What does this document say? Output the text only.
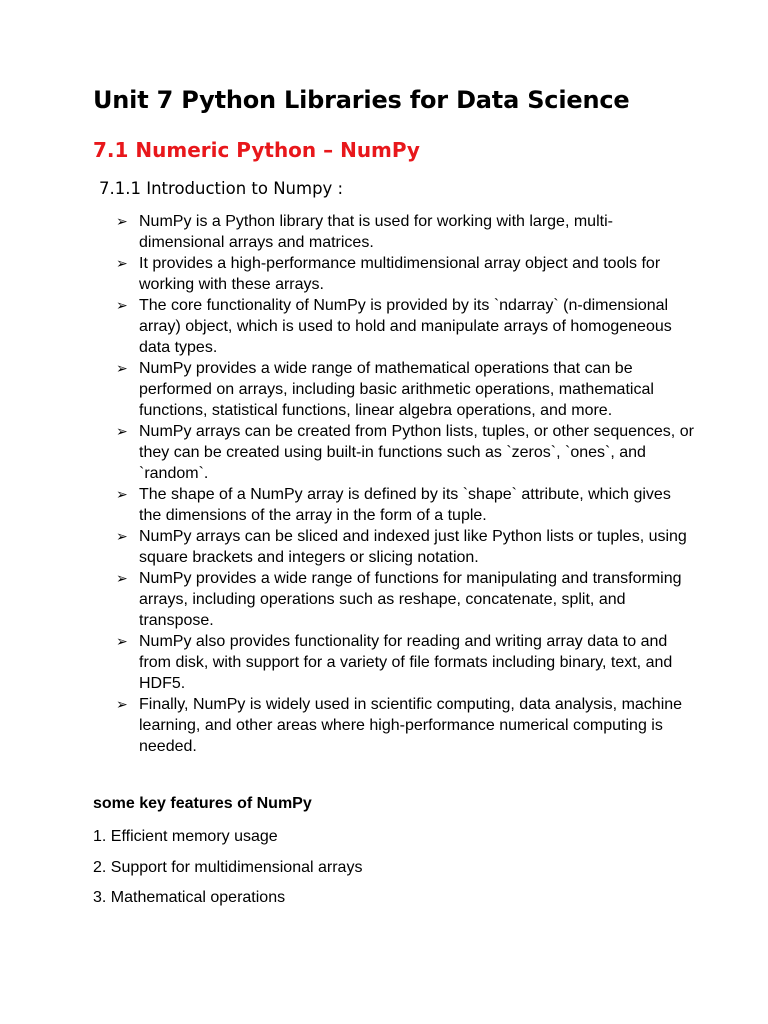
Unit 7 Python Libraries for Data Science
7.1 Numeric Python – NumPy
7.1.1 Introduction to Numpy :
➢ NumPy is a Python library that is used for working with large, multi-dimensional arrays and matrices.
➢ It provides a high-performance multidimensional array object and tools for working with these arrays.
➢ The core functionality of NumPy is provided by its `ndarray` (n-dimensional array) object, which is used to hold and manipulate arrays of homogeneous data types.
➢ NumPy provides a wide range of mathematical operations that can be performed on arrays, including basic arithmetic operations, mathematical functions, statistical functions, linear algebra operations, and more.
➢ NumPy arrays can be created from Python lists, tuples, or other sequences, or they can be created using built-in functions such as `zeros`, `ones`, and `random`.
➢ The shape of a NumPy array is defined by its `shape` attribute, which gives the dimensions of the array in the form of a tuple.
➢ NumPy arrays can be sliced and indexed just like Python lists or tuples, using square brackets and integers or slicing notation.
➢ NumPy provides a wide range of functions for manipulating and transforming arrays, including operations such as reshape, concatenate, split, and transpose.
➢ NumPy also provides functionality for reading and writing array data to and from disk, with support for a variety of file formats including binary, text, and HDF5.
➢ Finally, NumPy is widely used in scientific computing, data analysis, machine learning, and other areas where high-performance numerical computing is needed.
some key features of NumPy
1. Efficient memory usage
2. Support for multidimensional arrays
3. Mathematical operations
